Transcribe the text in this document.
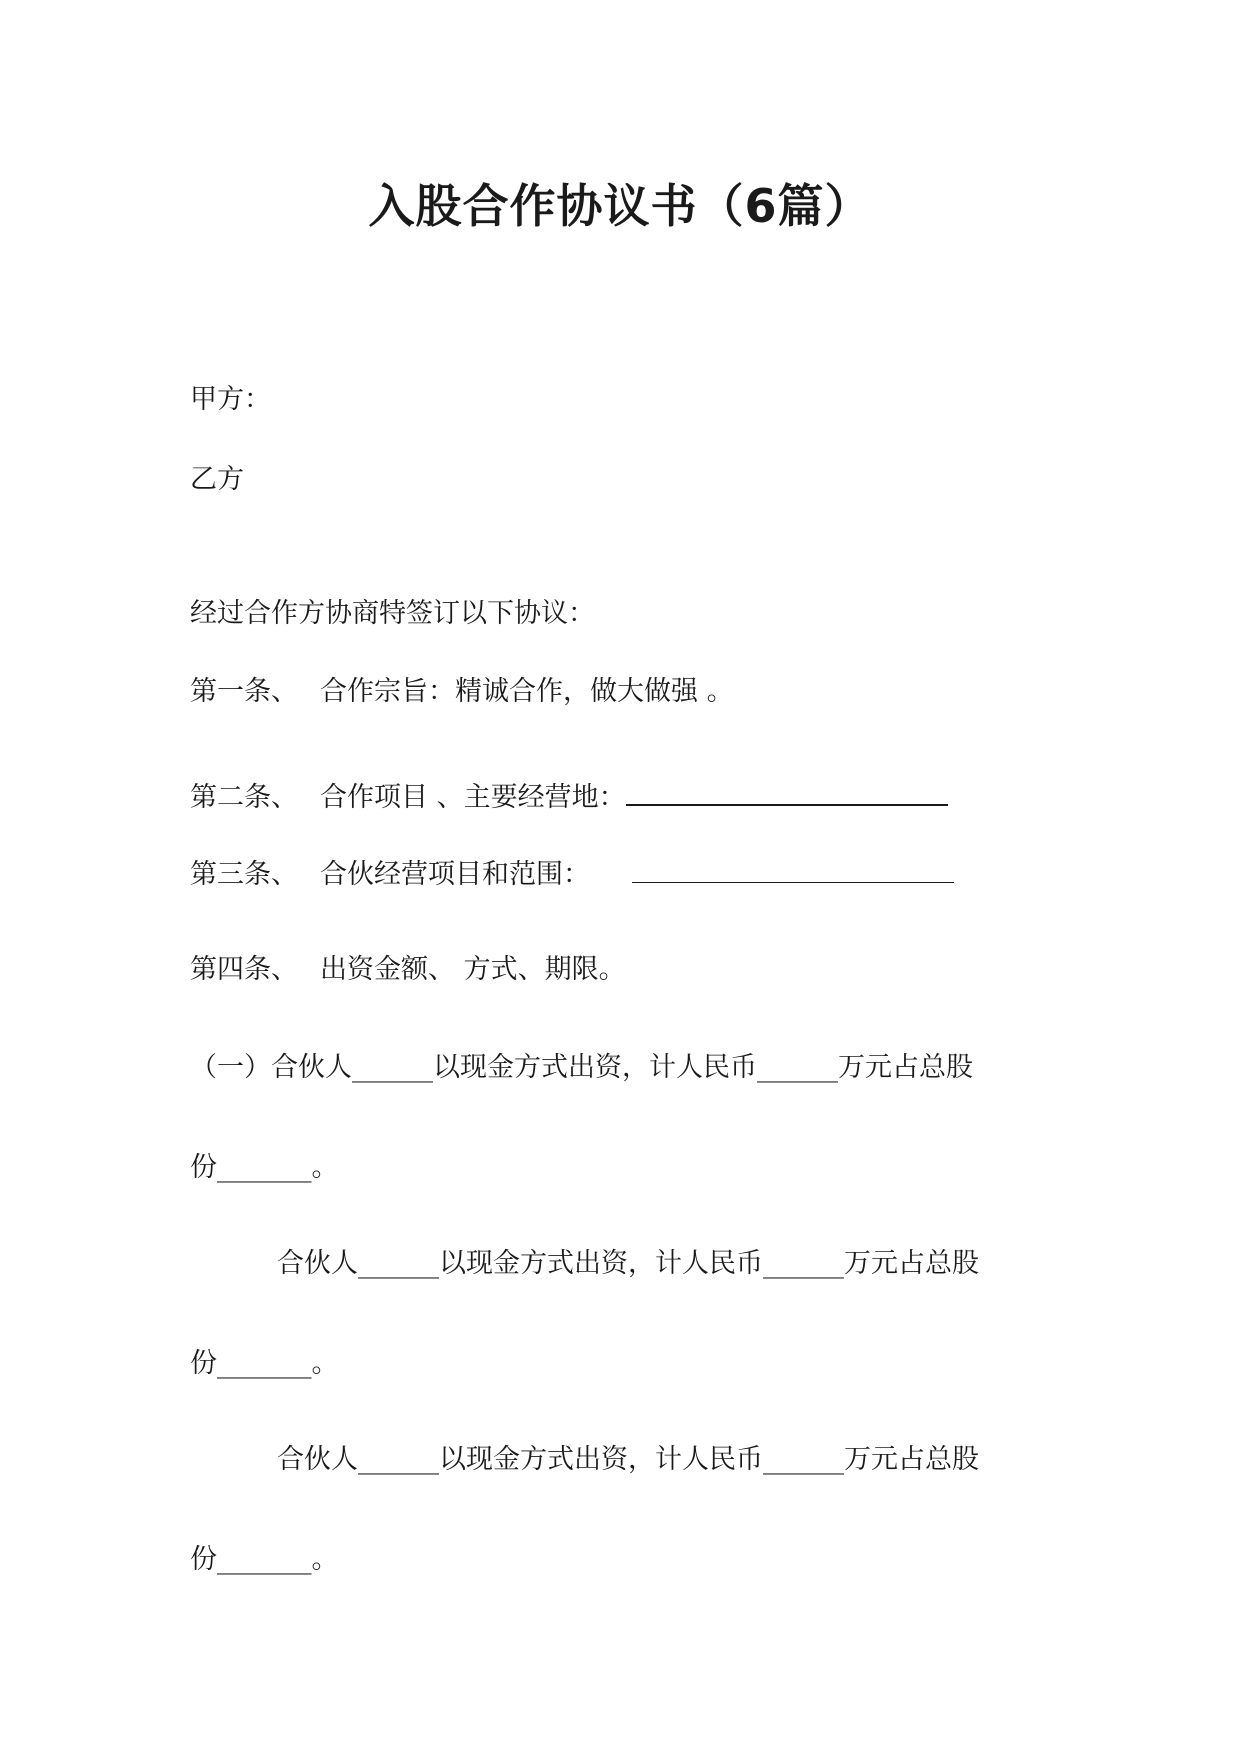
入股合作协议书（6篇）
甲方：
乙方
经过合作方协商特签订以下协议：
第一条、 合作宗旨：精诚合作，做大做强 。
第二条、 合作项目 、主要经营地：
第三条、 合伙经营项目和范围：
第四条、 出资金额、 方式、期限。
（一）合伙人______以现金方式出资，计人民币______万元占总股
份_______。
合伙人______以现金方式出资，计人民币______万元占总股
份_______。
合伙人______以现金方式出资，计人民币______万元占总股
份_______。
